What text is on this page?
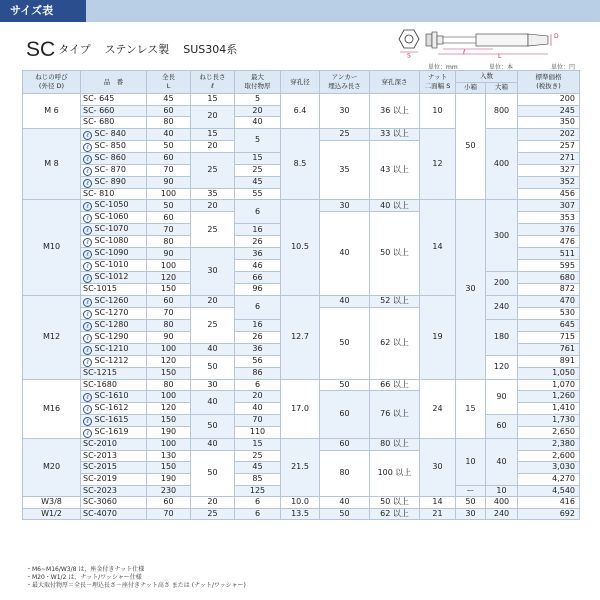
サイズ表
SC タイプ ステンレス製 SUS304系	S	ℓ
L
D
単位：mm	単位：本	単位：円
ねじの呼び
(外径 D)	品　番	全長
L	ねじ長さ
ℓ	最大
取付物厚	穿孔径	アンカー
埋込み長さ	穿孔深さ	ナット
二面幅 S	入数		標準価格
(税抜き)
									小箱	大箱	
M 6	SC- 645	45	15	5	6.4	30	36 以上	10	50	800	200
	SC- 660	60	20	20							245
	SC- 680	80		40							350
M 8	ℓ SC- 840	40	15	5	8.5	25	33 以上	12		400	202
	ℓ SC- 850	50	20			35	43 以上				257
	ℓ SC- 860	60	25	15							271
	ℓ SC- 870	70		25							327
	ℓ SC- 890	90		45							352
	SC- 810	100	35	55							456
M10	ℓ SC-1050	50	20	6	10.5	30	40 以上	14	30	300	307
	ℓ SC-1060	60	25			40	50 以上				353
	ℓ SC-1070	70		16							376
	ℓ SC-1080	80		26							476
	ℓ SC-1090	90	30	36							511
	ℓ SC-1010	100		46							595
	ℓ SC-1012	120		66						200	680
	SC-1015	150		96							872
M12	ℓ SC-1260	60	20	6	12.7	40	52 以上	19		240	470
	ℓ SC-1270	70	25			50	62 以上				530
	ℓ SC-1280	80		16						180	645
	ℓ SC-1290	90		26							715
	ℓ SC-1210	100	40	36							761
	ℓ SC-1212	120	50	56						120	891
	SC-1215	150		86							1,050
M16	SC-1680	80	30	6	17.0	50	66 以上	24	15	90	1,070
	ℓ SC-1610	100	40	20		60	76 以上				1,260
	ℓ SC-1612	120		40							1,410
	ℓ SC-1615	150	50	70						60	1,730
	ℓ SC-1619	190		110							2,650
M20	SC-2010	100	40	15	21.5	60	80 以上	30	10	40	2,380
	SC-2013	130	50	25		80	100 以上				2,600
	SC-2015	150		45							3,030
	SC-2019	190		85							4,270
	SC-2023	230		125					ー	10	4,540
W3/8	SC-3060	60	20	6	10.0	40	50 以上	14	50	400	416
W1/2	SC-4070	70	25	6	13.5	50	62 以上	21	30	240	692
・M6~M16/W3/8 は、座金付きナット仕様
・M20・W1/2 は、ナット/ワッシャー仕様
・最大取付物厚＝全長－埋込長さ－座付きナット高さ または (ナット/ワッシャー)
